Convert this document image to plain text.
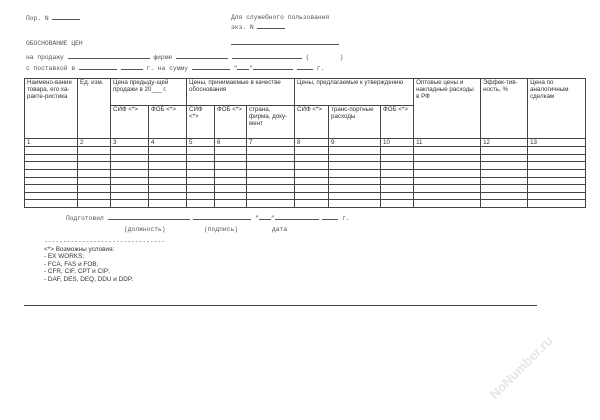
NoNumber.ru
Пор. N	Для служебного пользования
экз. N
ОБОСНОВАНИЕ ЦЕН
на продажу	фирме	(        )
с поставкой в	г. на сумму	" "	г.
Наимено-вание товара, его ха-ракте-ристика	Ед. изм.	Цена предыду-щей продажи в 20___ г.		Цены, принимаемые в качестве обоснования			Цены, предлагаемые к утверждению			Оптовые цены и накладные расходы в РФ	Эффек-тив-ность, %	Цена по аналогичным сделкам
		СИФ <*>	ФОБ <*>	СИФ <*>	ФОБ <*>	страна, фирма, доку-мент	СИФ <*>	транс-портные расходы	ФОБ <*>			
1	2	3	4	5	6	7	8	9	10	11	12	13

Подготовил	" "	г.
(должность)	(подпись)	дата
--------------------------------
<*> Возможны условия:
- EX WORKS;
- FCA, FAS и FOB;
- CFR, CIF, CPT и CIP;
- DAF, DES, DEQ, DDU и DDP.
